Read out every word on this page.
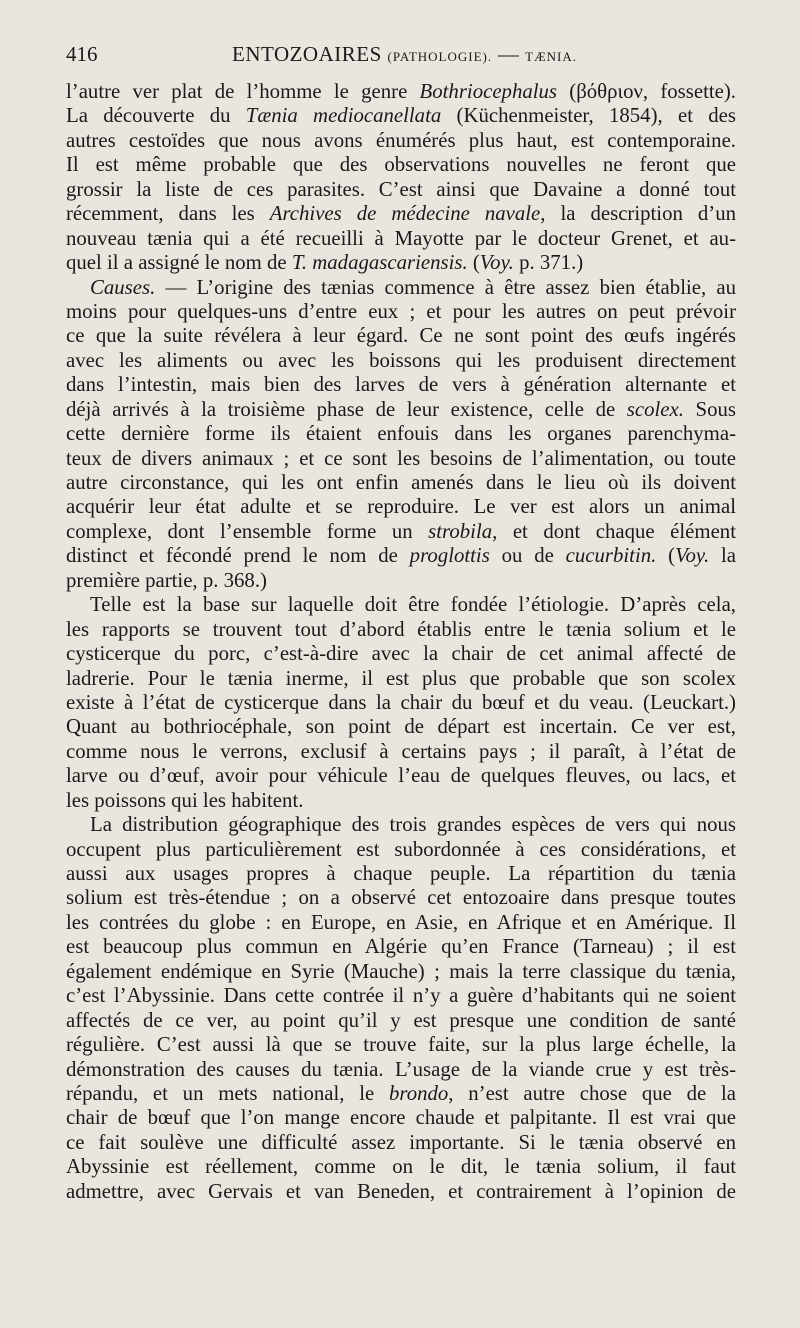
416	ENTOZOAIRES (PATHOLOGIE). — TÆNIA.
l’autre ver plat de l’homme le genre Bothriocephalus (βόθριον, fossette).
La découverte du Tænia mediocanellata (Küchenmeister, 1854), et des
autres cestoïdes que nous avons énumérés plus haut, est contemporaine.
Il est même probable que des observations nouvelles ne feront que
grossir la liste de ces parasites. C’est ainsi que Davaine a donné tout
récemment, dans les Archives de médecine navale, la description d’un
nouveau tænia qui a été recueilli à Mayotte par le docteur Grenet, et au-
quel il a assigné le nom de T. madagascariensis. (Voy. p. 371.)
Causes. — L’origine des tænias commence à être assez bien établie, au
moins pour quelques-uns d’entre eux ; et pour les autres on peut prévoir
ce que la suite révélera à leur égard. Ce ne sont point des œufs ingérés
avec les aliments ou avec les boissons qui les produisent directement
dans l’intestin, mais bien des larves de vers à génération alternante et
déjà arrivés à la troisième phase de leur existence, celle de scolex. Sous
cette dernière forme ils étaient enfouis dans les organes parenchyma-
teux de divers animaux ; et ce sont les besoins de l’alimentation, ou toute
autre circonstance, qui les ont enfin amenés dans le lieu où ils doivent
acquérir leur état adulte et se reproduire. Le ver est alors un animal
complexe, dont l’ensemble forme un strobila, et dont chaque élément
distinct et fécondé prend le nom de proglottis ou de cucurbitin. (Voy. la
première partie, p. 368.)
Telle est la base sur laquelle doit être fondée l’étiologie. D’après cela,
les rapports se trouvent tout d’abord établis entre le tænia solium et le
cysticerque du porc, c’est-à-dire avec la chair de cet animal affecté de
ladrerie. Pour le tænia inerme, il est plus que probable que son scolex
existe à l’état de cysticerque dans la chair du bœuf et du veau. (Leuckart.)
Quant au bothriocéphale, son point de départ est incertain. Ce ver est,
comme nous le verrons, exclusif à certains pays ; il paraît, à l’état de
larve ou d’œuf, avoir pour véhicule l’eau de quelques fleuves, ou lacs, et
les poissons qui les habitent.
La distribution géographique des trois grandes espèces de vers qui nous
occupent plus particulièrement est subordonnée à ces considérations, et
aussi aux usages propres à chaque peuple. La répartition du tænia
solium est très-étendue ; on a observé cet entozoaire dans presque toutes
les contrées du globe : en Europe, en Asie, en Afrique et en Amérique. Il
est beaucoup plus commun en Algérie qu’en France (Tarneau) ; il est
également endémique en Syrie (Mauche) ; mais la terre classique du tænia,
c’est l’Abyssinie. Dans cette contrée il n’y a guère d’habitants qui ne soient
affectés de ce ver, au point qu’il y est presque une condition de santé
régulière. C’est aussi là que se trouve faite, sur la plus large échelle, la
démonstration des causes du tænia. L’usage de la viande crue y est très-
répandu, et un mets national, le brondo, n’est autre chose que de la
chair de bœuf que l’on mange encore chaude et palpitante. Il est vrai que
ce fait soulève une difficulté assez importante. Si le tænia observé en
Abyssinie est réellement, comme on le dit, le tænia solium, il faut
admettre, avec Gervais et van Beneden, et contrairement à l’opinion de
